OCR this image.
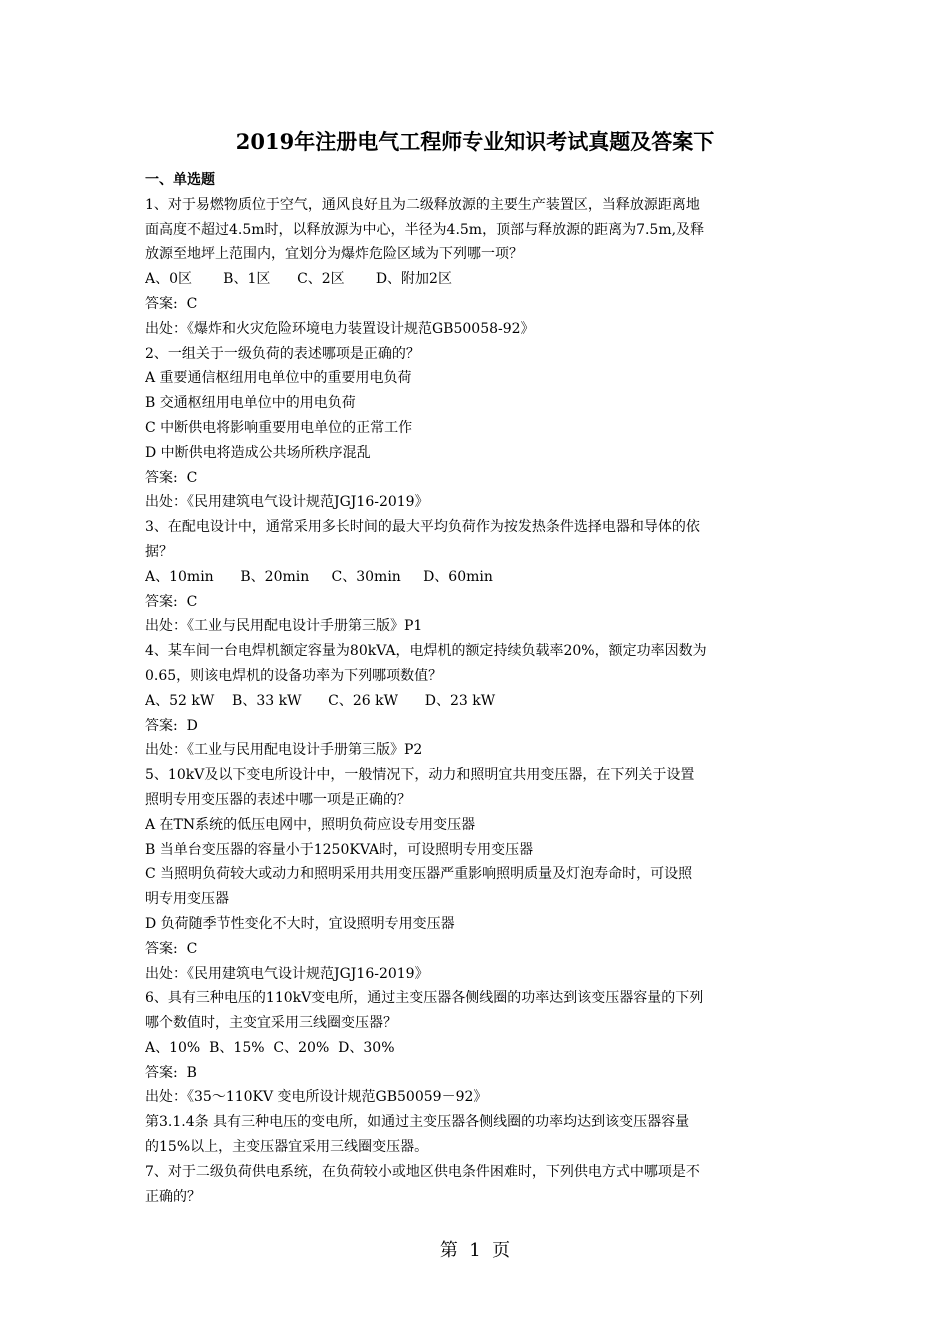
2019年注册电气工程师专业知识考试真题及答案下
一、单选题
1、对于易燃物质位于空气，通风良好且为二级释放源的主要生产装置区，当释放源距离地
面高度不超过4.5m时，以释放源为中心，半径为4.5m，顶部与释放源的距离为7.5m,及释
放源至地坪上范围内，宜划分为爆炸危险区域为下列哪一项？
A、0区       B、1区      C、2区       D、附加2区
答案:  C
出处：《爆炸和火灾危险环境电力装置设计规范GB50058-92》
2、一组关于一级负荷的表述哪项是正确的？
A 重要通信枢纽用电单位中的重要用电负荷
B 交通枢纽用电单位中的用电负荷
C 中断供电将影响重要用电单位的正常工作
D 中断供电将造成公共场所秩序混乱
答案:  C
出处：《民用建筑电气设计规范JGJ16-2019》
3、在配电设计中，通常采用多长时间的最大平均负荷作为按发热条件选择电器和导体的依
据？
A、10min      B、20min     C、30min     D、60min
答案:  C
出处：《工业与民用配电设计手册第三版》P1
4、某车间一台电焊机额定容量为80kVA，电焊机的额定持续负载率20%，额定功率因数为
0.65，则该电焊机的设备功率为下列哪项数值？
A、52 kW    B、33 kW      C、26 kW      D、23 kW
答案:  D
出处：《工业与民用配电设计手册第三版》P2
5、10kV及以下变电所设计中，一般情况下，动力和照明宜共用变压器，在下列关于设置
照明专用变压器的表述中哪一项是正确的？
A 在TN系统的低压电网中，照明负荷应设专用变压器
B 当单台变压器的容量小于1250KVA时，可设照明专用变压器
C 当照明负荷较大或动力和照明采用共用变压器严重影响照明质量及灯泡寿命时，可设照
明专用变压器
D 负荷随季节性变化不大时，宜设照明专用变压器
答案:  C
出处：《民用建筑电气设计规范JGJ16-2019》
6、具有三种电压的110kV变电所，通过主变压器各侧线圈的功率达到该变压器容量的下列
哪个数值时，主变宜采用三线圈变压器？
A、10%  B、15%  C、20%  D、30%
答案:  B
出处：《35～110KV 变电所设计规范GB50059－92》
第3.1.4条 具有三种电压的变电所，如通过主变压器各侧线圈的功率均达到该变压器容量
的15%以上，主变压器宜采用三线圈变压器。
7、对于二级负荷供电系统，在负荷较小或地区供电条件困难时，下列供电方式中哪项是不
正确的？
第  1  页
